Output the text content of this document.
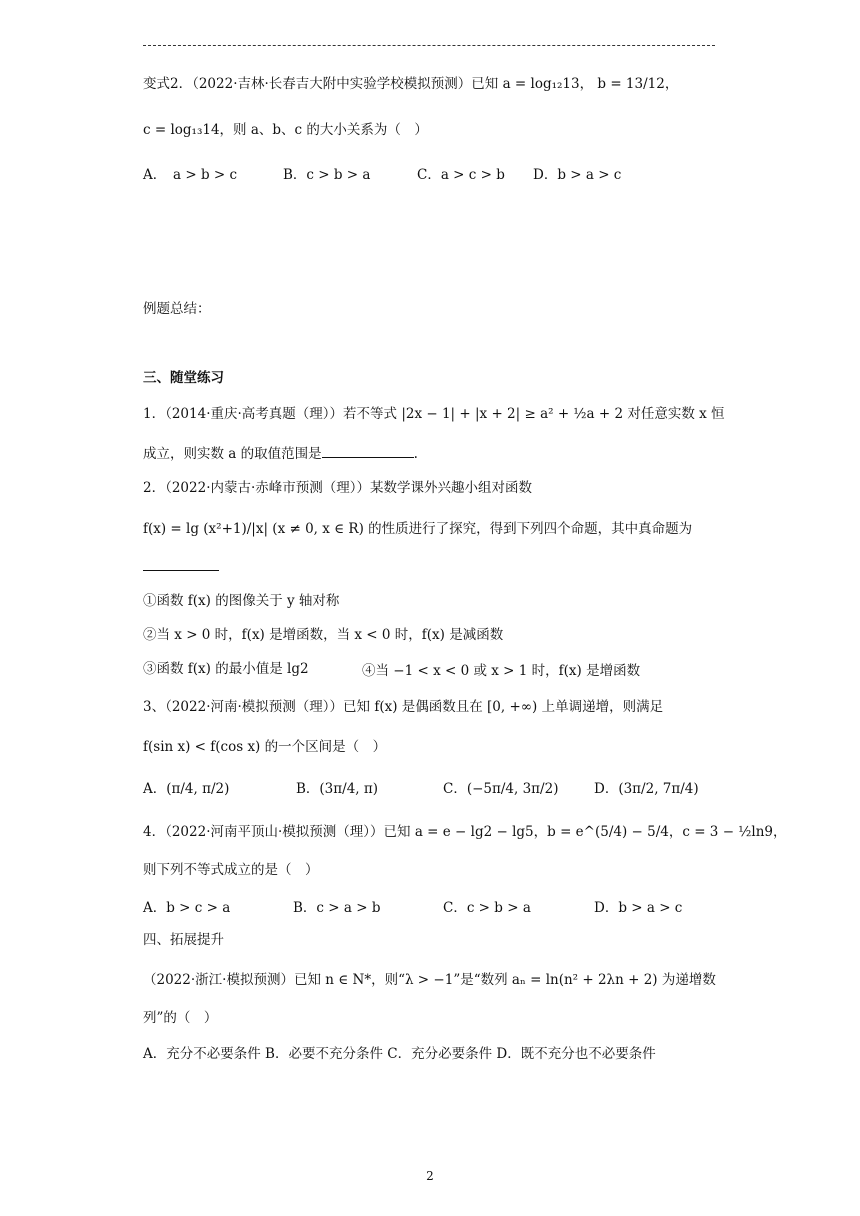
变式2．（2022·吉林·长春吉大附中实验学校模拟预测）已知 a = log₁₂13， b = 13/12，
c = log₁₃14，则 a、b、c 的大小关系为（　）
A．　a > b > c	B．c > b > a	C．a > c > b D．b > a > c
例题总结：
三、随堂练习
1．（2014·重庆·高考真题（理））若不等式 |2x − 1| + |x + 2| ≥ a² + ½a + 2 对任意实数 x 恒
成立，则实数 a 的取值范围是	.
2．（2022·内蒙古·赤峰市预测（理））某数学课外兴趣小组对函数
f(x) = lg (x²+1)/|x| (x ≠ 0, x ∈ R) 的性质进行了探究，得到下列四个命题，其中真命题为
①函数 f(x) 的图像关于 y 轴对称
②当 x > 0 时，f(x) 是增函数，当 x < 0 时，f(x) 是减函数
③函数 f(x) 的最小值是 lg2	④当 −1 < x < 0 或 x > 1 时，f(x) 是增函数
3、（2022·河南·模拟预测（理））已知 f(x) 是偶函数且在 [0, +∞) 上单调递增，则满足
f(sin x) < f(cos x) 的一个区间是（　）
A．(π/4, π/2)	B．(3π/4, π)	C．(−5π/4, 3π/2)	D．(3π/2, 7π/4)
4．（2022·河南平顶山·模拟预测（理））已知 a = e − lg2 − lg5，b = e^(5/4) − 5/4，c = 3 − ½ln9，
则下列不等式成立的是（　）
A．b > c > a	B．c > a > b	C．c > b > a	D．b > a > c
四、拓展提升
（2022·浙江·模拟预测）已知 n ∈ N*，则“λ > −1”是“数列 aₙ = ln(n² + 2λn + 2) 为递增数
列”的（　）
A．充分不必要条件 B．必要不充分条件 C．充分必要条件 D．既不充分也不必要条件
2
